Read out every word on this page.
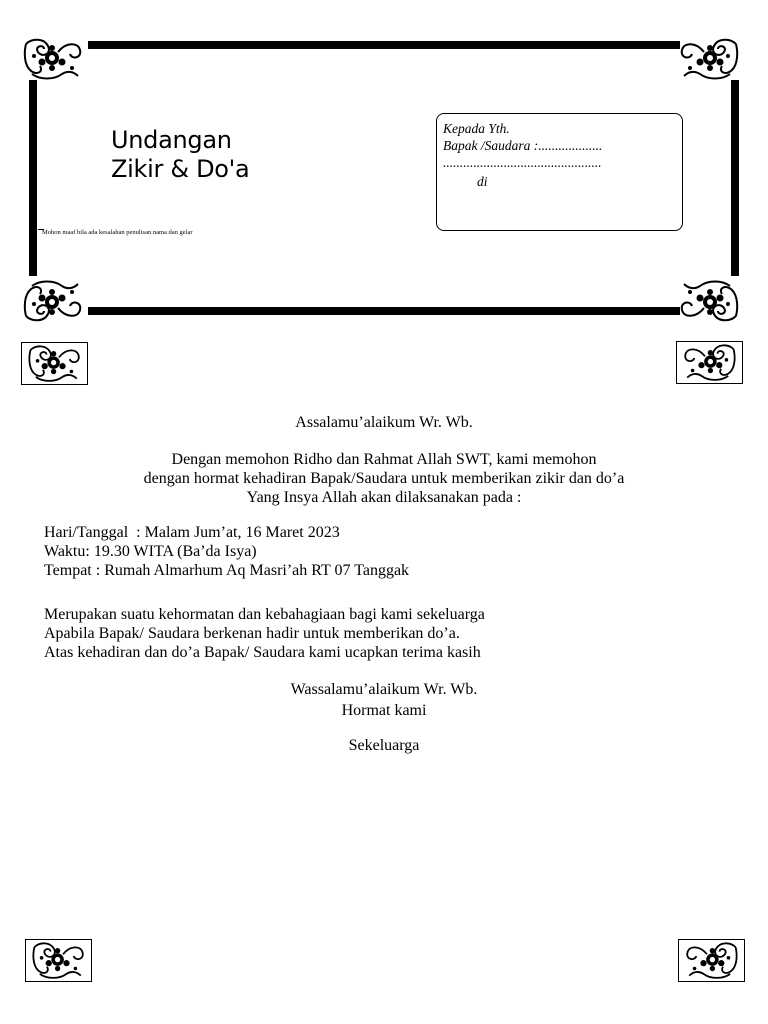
Undangan
Zikir & Do'a
Mohon maaf bila ada kesalahan penulisan nama dan gelar
Kepada Yth.
Bapak /Saudara :...................
...............................................
di
Assalamu’alaikum Wr. Wb.
Dengan memohon Ridho dan Rahmat Allah SWT, kami memohon
dengan hormat kehadiran Bapak/Saudara untuk memberikan zikir dan do’a
Yang Insya Allah akan dilaksanakan pada :
Hari/Tanggal  : Malam Jum’at, 16 Maret 2023
Waktu: 19.30 WITA (Ba’da Isya)
Tempat : Rumah Almarhum Aq Masri’ah RT 07 Tanggak
Merupakan suatu kehormatan dan kebahagiaan bagi kami sekeluarga
Apabila Bapak/ Saudara berkenan hadir untuk memberikan do’a.
Atas kehadiran dan do’a Bapak/ Saudara kami ucapkan terima kasih
Wassalamu’alaikum Wr. Wb.
Hormat kami
Sekeluarga
